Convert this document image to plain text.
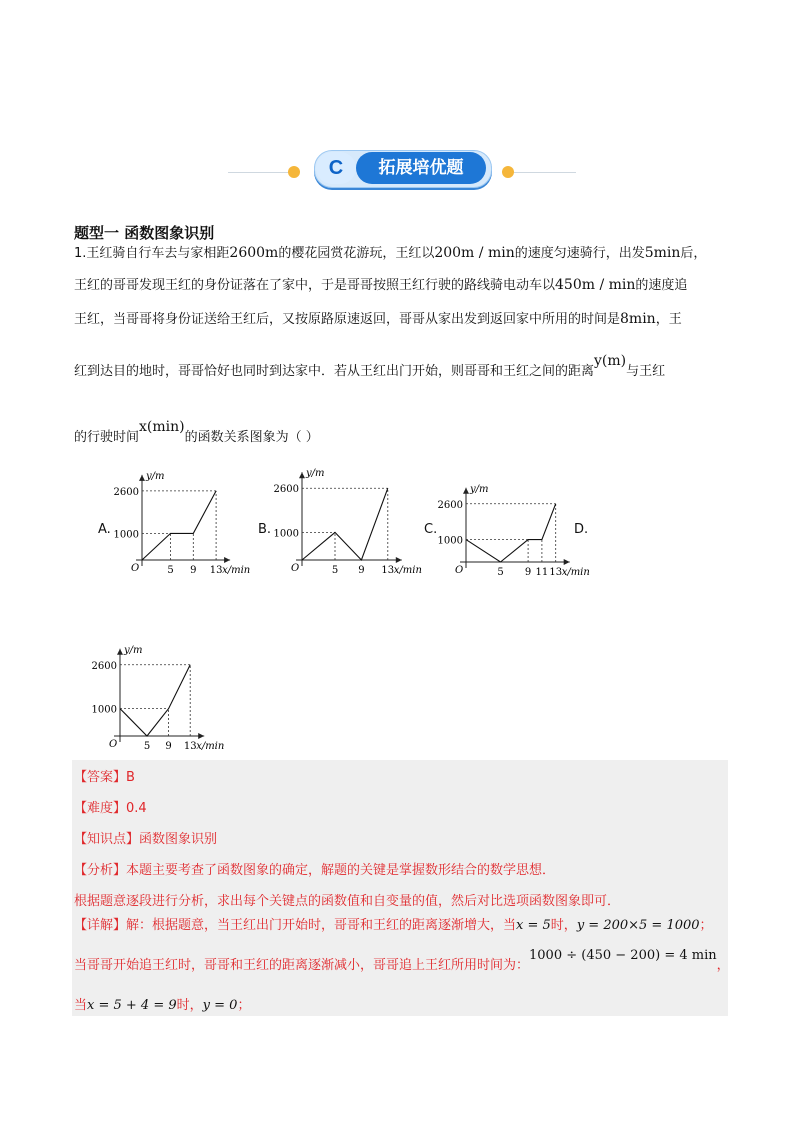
C	拓展培优题
题型一 函数图象识别
1.王红骑自行车去与家相距2600m的樱花园赏花游玩，王红以200m / min的速度匀速骑行，出发5min后，
王红的哥哥发现王红的身份证落在了家中，于是哥哥按照王红行驶的路线骑电动车以450m / min的速度追
王红，当哥哥将身份证送给王红后，又按原路原速返回，哥哥从家出发到返回家中所用的时间是8min，王
红到达目的地时，哥哥恰好也同时到达家中．若从王红出门开始，则哥哥和王红之间的距离y(m)与王红
的行驶时间x(min)的函数关系图象为（ ）
A.	B.	C.	D.
y/m
x/min
O
1000
2600
5 9 13
y/m
x/min
O
1000
2600
5 9 13
y/m
x/min
O
1000
2600
5 9 11 13
y/m
x/min
O
1000
2600
5 9 13
【答案】B
【难度】0.4
【知识点】函数图象识别
【分析】本题主要考查了函数图象的确定，解题的关键是掌握数形结合的数学思想．
根据题意逐段进行分析，求出每个关键点的函数值和自变量的值，然后对比选项函数图象即可．
【详解】解：根据题意，当王红出门开始时，哥哥和王红的距离逐渐增大，当x = 5时，y = 200×5 = 1000；
当哥哥开始追王红时，哥哥和王红的距离逐渐减小，哥哥追上王红所用时间为：1000 ÷ (450 − 200) = 4 min，
当x = 5 + 4 = 9时，y = 0；
